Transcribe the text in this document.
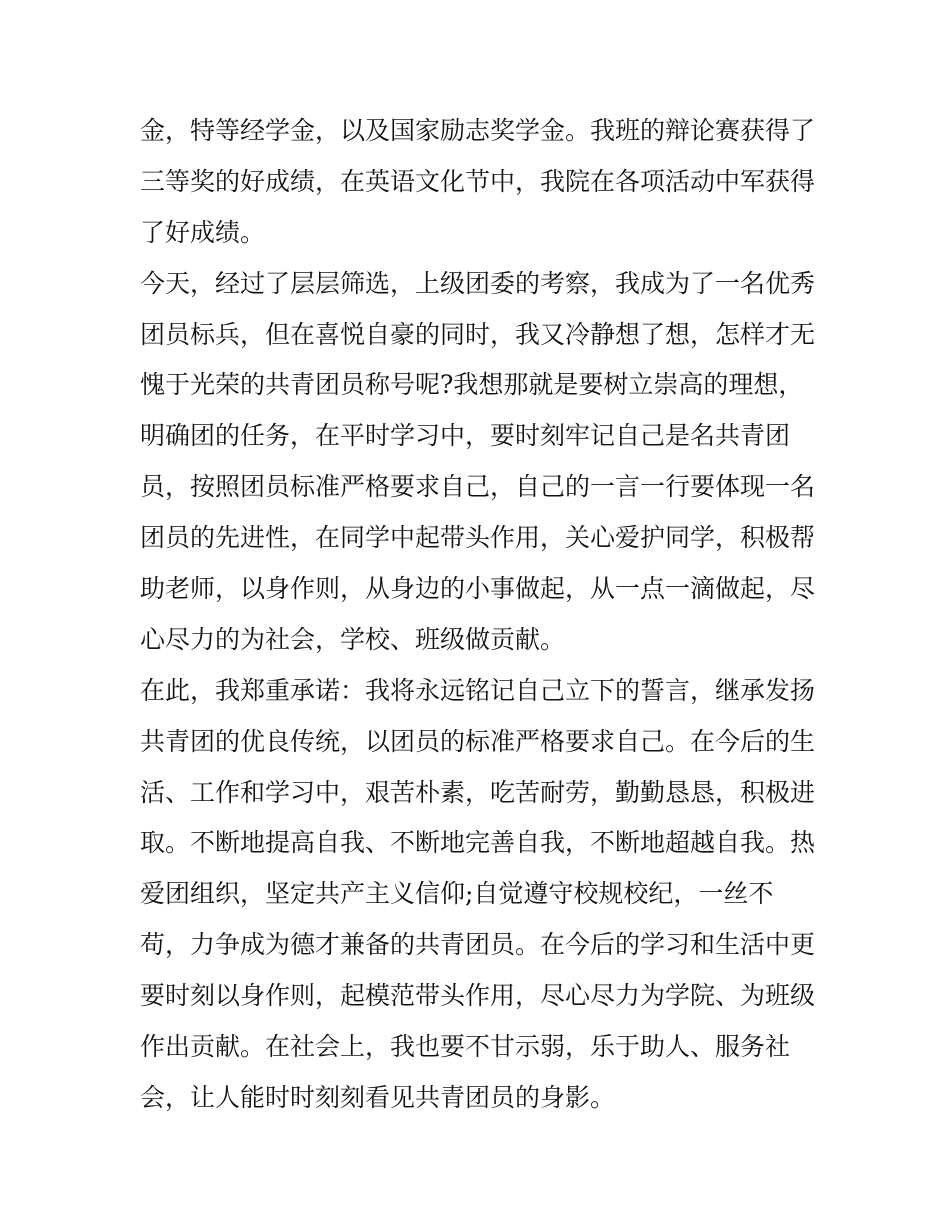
金，特等经学金，以及国家励志奖学金。我班的辩论赛获得了

三等奖的好成绩，在英语文化节中，我院在各项活动中军获得

了好成绩。

今天，经过了层层筛选，上级团委的考察，我成为了一名优秀

团员标兵，但在喜悦自豪的同时，我又冷静想了想，怎样才无

愧于光荣的共青团员称号呢?我想那就是要树立崇高的理想，

明确团的任务，在平时学习中，要时刻牢记自己是名共青团

员，按照团员标准严格要求自己，自己的一言一行要体现一名

团员的先进性，在同学中起带头作用，关心爱护同学，积极帮

助老师，以身作则，从身边的小事做起，从一点一滴做起，尽

心尽力的为社会，学校、班级做贡献。

在此，我郑重承诺：我将永远铭记自己立下的誓言，继承发扬

共青团的优良传统，以团员的标准严格要求自己。在今后的生

活、工作和学习中，艰苦朴素，吃苦耐劳，勤勤恳恳，积极进

取。不断地提高自我、不断地完善自我，不断地超越自我。热

爱团组织，坚定共产主义信仰;自觉遵守校规校纪，一丝不

苟，力争成为德才兼备的共青团员。在今后的学习和生活中更

要时刻以身作则，起模范带头作用，尽心尽力为学院、为班级

作出贡献。在社会上，我也要不甘示弱，乐于助人、服务社

会，让人能时时刻刻看见共青团员的身影。
